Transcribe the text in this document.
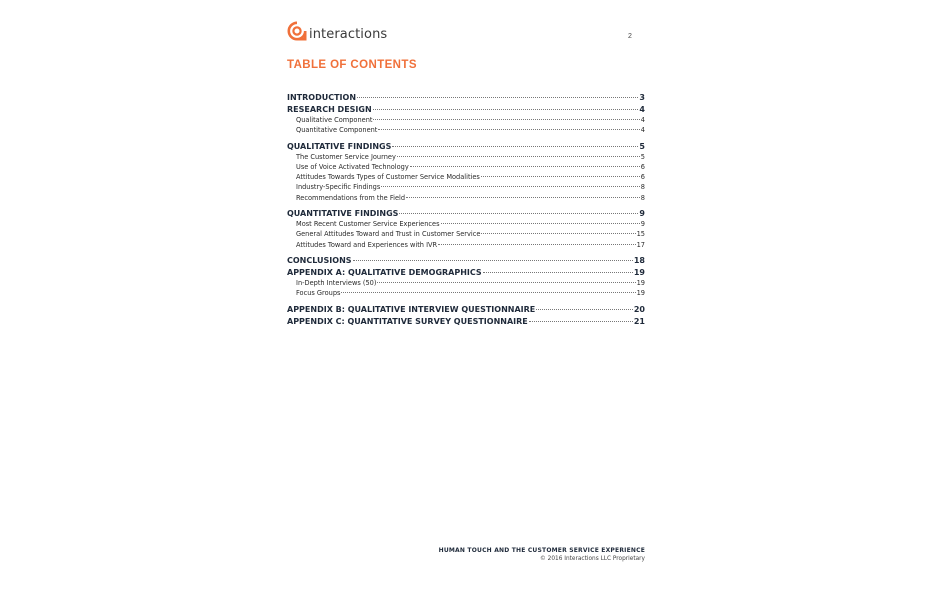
interactions	2
TABLE OF CONTENTS
INTRODUCTION	3
RESEARCH DESIGN	4
Qualitative Component	4
Quantitative Component	4
QUALITATIVE FINDINGS	5
The Customer Service Journey	5
Use of Voice Activated Technology	6
Attitudes Towards Types of Customer Service Modalities	6
Industry-Specific Findings	8
Recommendations from the Field	8
QUANTITATIVE FINDINGS	9
Most Recent Customer Service Experiences	9
General Attitudes Toward and Trust in Customer Service	15
Attitudes Toward and Experiences with IVR	17
CONCLUSIONS	18
APPENDIX A: QUALITATIVE DEMOGRAPHICS	19
In-Depth Interviews (50)	19
Focus Groups	19
APPENDIX B: QUALITATIVE INTERVIEW QUESTIONNAIRE	20
APPENDIX C: QUANTITATIVE SURVEY QUESTIONNAIRE	21
HUMAN TOUCH AND THE CUSTOMER SERVICE EXPERIENCE
© 2016 Interactions LLC Proprietary
